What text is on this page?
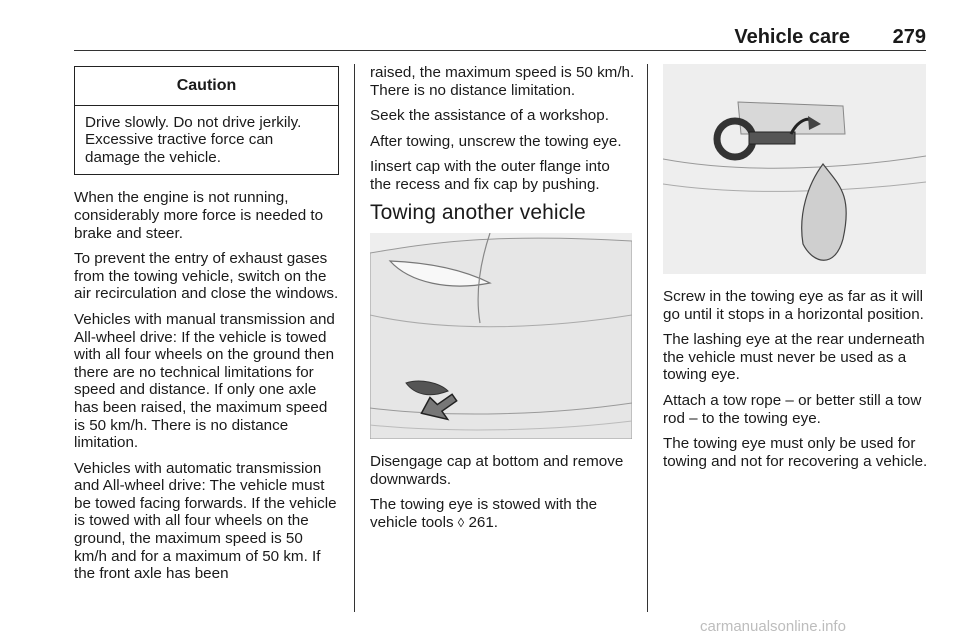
Vehicle care 279
Caution
Drive slowly. Do not drive jerkily. Excessive tractive force can damage the vehicle.

When the engine is not running, considerably more force is needed to brake and steer.

To prevent the entry of exhaust gases from the towing vehicle, switch on the air recirculation and close the windows.

Vehicles with manual transmission and All-wheel drive: If the vehicle is towed with all four wheels on the ground then there are no technical limitations for speed and distance. If only one axle has been raised, the maximum speed is 50 km/h. There is no distance limitation.

Vehicles with automatic transmission and All-wheel drive: The vehicle must be towed facing forwards. If the vehicle is towed with all four wheels on the ground, the maximum speed is 50 km/h and for a maximum of 50 km. If the front axle has been

raised, the maximum speed is 50 km/h. There is no distance limitation.

Seek the assistance of a workshop.

After towing, unscrew the towing eye.

Iinsert cap with the outer flange into the recess and fix cap by pushing.

Towing another vehicle

Disengage cap at bottom and remove downwards.

The towing eye is stowed with the vehicle tools ◊ 261.

Screw in the towing eye as far as it will go until it stops in a horizontal position.

The lashing eye at the rear underneath the vehicle must never be used as a towing eye.

Attach a tow rope – or better still a tow rod – to the towing eye.

The towing eye must only be used for towing and not for recovering a vehicle.

carmanualsonline.info
